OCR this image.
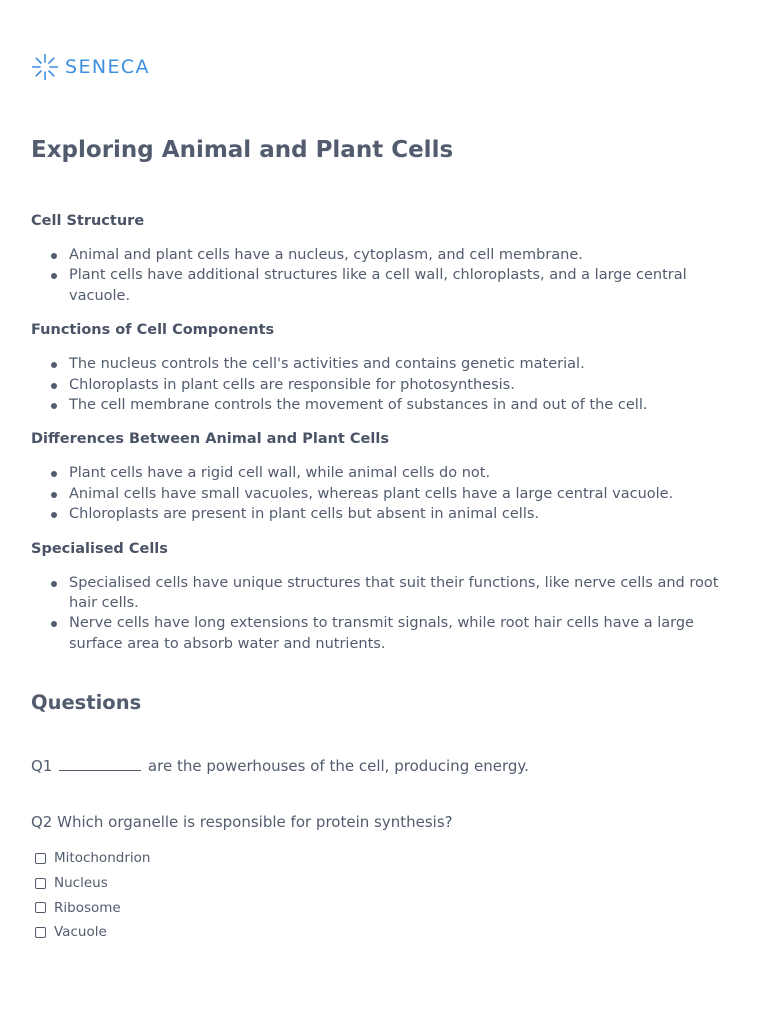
SENECA
Exploring Animal and Plant Cells
Cell Structure
Animal and plant cells have a nucleus, cytoplasm, and cell membrane.
Plant cells have additional structures like a cell wall, chloroplasts, and a large central vacuole.
Functions of Cell Components
The nucleus controls the cell's activities and contains genetic material.
Chloroplasts in plant cells are responsible for photosynthesis.
The cell membrane controls the movement of substances in and out of the cell.
Differences Between Animal and Plant Cells
Plant cells have a rigid cell wall, while animal cells do not.
Animal cells have small vacuoles, whereas plant cells have a large central vacuole.
Chloroplasts are present in plant cells but absent in animal cells.
Specialised Cells
Specialised cells have unique structures that suit their functions, like nerve cells and root hair cells.
Nerve cells have long extensions to transmit signals, while root hair cells have a large surface area to absorb water and nutrients.
Questions
Q1	are the powerhouses of the cell, producing energy.
Q2 Which organelle is responsible for protein synthesis?
Mitochondrion
Nucleus
Ribosome
Vacuole
